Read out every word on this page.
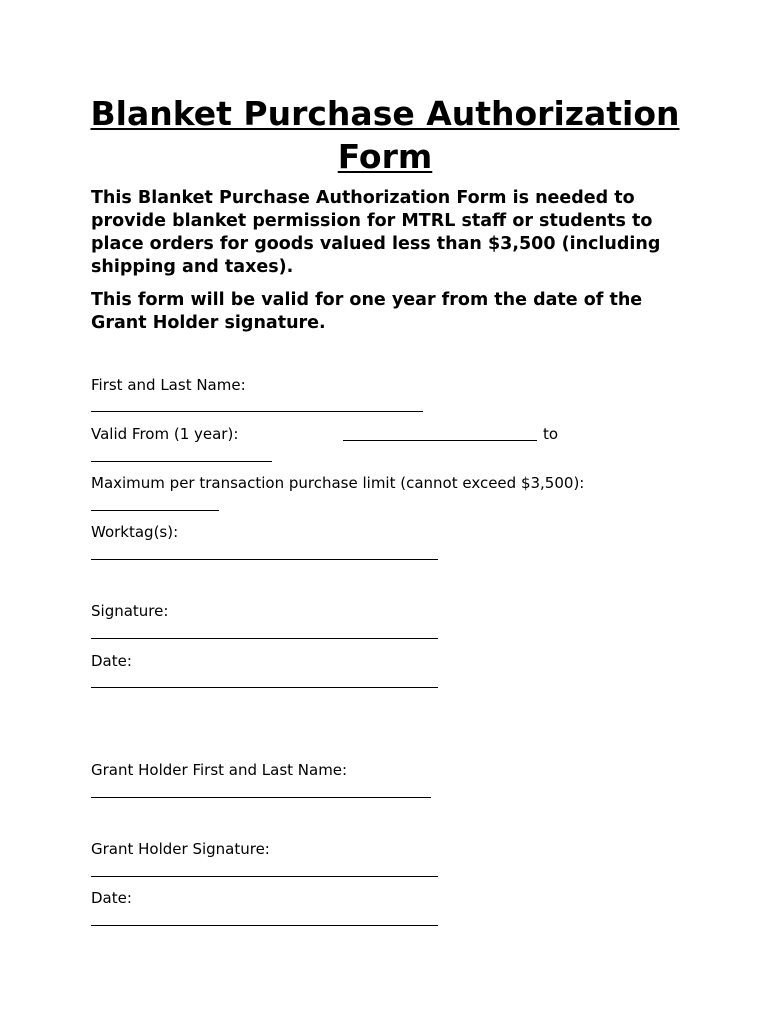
Blanket Purchase Authorization Form

This Blanket Purchase Authorization Form is needed to provide blanket permission for MTRL staff or students to place orders for goods valued less than $3,500 (including shipping and taxes).

This form will be valid for one year from the date of the Grant Holder signature.

First and Last Name:
Valid From (1 year):	to
Maximum per transaction purchase limit (cannot exceed $3,500):
Worktag(s):
Signature:
Date:
Grant Holder First and Last Name:
Grant Holder Signature:
Date:
